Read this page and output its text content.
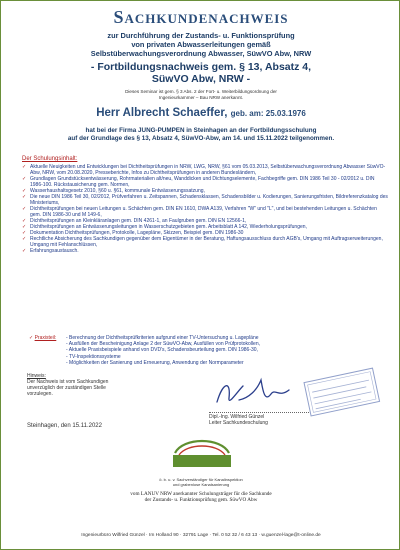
Sachkundenachweis
zur Durchführung der Zustands- u. Funktionsprüfung
von privaten Abwasserleitungen gemäß
Selbstüberwachungsverordnung Abwasser, SüwVO Abw, NRW
- Fortbildungsnachweis gem. § 13, Absatz 4,
SüwVO Abw, NRW -
Dieses Seminar ist gem. § 3 Abs. 2 der Fort- u. Weiterbildungsordnung der
Ingenieurkammer – Bau NRW anerkannt.
Herr Albrecht Schaeffer, geb. am: 25.03.1976
hat bei der Firma JUNG-PUMPEN in Steinhagen an der Fortbildungsschulung
auf der Grundlage des § 13, Absatz 4, SüwVO-Abw, am 14. und 15.11.2022 teilgenommen.
Der Schulungsinhalt:
✓ Aktuelle Neuigkeiten und Entwicklungen bei Dichtheitsprüfungen in NRW, LWG, NRW, §61 vom 05.03.2013, Selbstüberwachungsverordnung Abwasser SüwVO-Abw, NRW, vom 20.08.2020, Presseberichte, Infos zu Dichtheitsprüfungen in anderen Bundesländern,
✓ Grundlagen Grundstücksentwässerung, Rohrmaterialien alt/neu, Wanddicken und Dichtungselemente, Fachbegriffe gem. DIN 1986 Teil 30 - 02/2012 u. DIN 1986-100. Rückstausicherung gem. Normen,
✓ Wasserhaushaltsgesetz 2010, §60 u. §61, kommunale Entwässerungssatzung,
✓ Die neue DIN 1986 Teil 30, 02/2012, Prüfverfahren u. Zeitspannen, Schadensklassen, Schadensbilder u. Kodierungen, Sanierungsfristen, Bildreferenzkatalog des Ministeriums,
✓ Dichtheitsprüfungen bei neuen Leitungen u. Schächten gem. DIN EN 1610, DWA A139, Verfahren "W" und "L", und bei bestehenden Leitungen u. Schächten gem. DIN 1986-30 und M 149-6,
✓ Dichtheitsprüfungen an Kleinkläranlagen gem. DIN 4261-1, an Faulgruben gem. DIN EN 12566-1,
✓ Dichtheitsprüfungen an Entwässerungsleitungen in Wasserschutzgebieten gem. Arbeitsblatt A 142, Wiederholungsprüfungen,
✓ Dokumentation Dichtheitsprüfungen, Protokolle, Lagepläne, Skizzen, Beispiel gem. DIN 1986-30
✓ Rechtliche Absicherung des Sachkundigen gegenüber dem Eigentümer in der Beratung, Haftungsausschluss durch AGB's, Umgang mit Auftragserweiterungen, Umgang mit Fehlanschlüssen,
✓ Erfahrungsaustausch.
✓ Praxisteil:	- Berechnung der Dichtheitsprüfkriterien aufgrund einer TV-Untersuchung u. Lagepläne
- Ausfüllen der Bescheinigung Anlage 2 der SüwVO-Abw, Ausfüllen von Prüfprotokollen,
- Aktuelle Praxisbeispiele anhand von DVD's, Schadensbeurteilung gem. DIN 1986-30,
- TV-Inspektionssysteme
- Möglichkeiten der Sanierung und Erneuerung, Anwendung der Normparameter
Hinweis:
Der Nachweis ist vom Sachkundigen unverzüglich der zuständigen Stelle vorzulegen.
Dipl.-Ing. Wilfried Günzel
Leiter Sachkundeschulung
Steinhagen, den 15.11.2022
ö. b. u. v. Sachverständiger für Kanalinspektion
und grabenlose Kanalsanierung
vom LANUV NRW anerkannter Schulungsträger für die Sachkunde
der Zustands- u. Funktionsprüfung gem. SüwVO Abw
Ingenieurbüro Wilfried Günzel · Im Holland 90 · 32791 Lage · Tel. 0 52 32 / 6 43 13 · w.guenzel-lage@t-online.de
